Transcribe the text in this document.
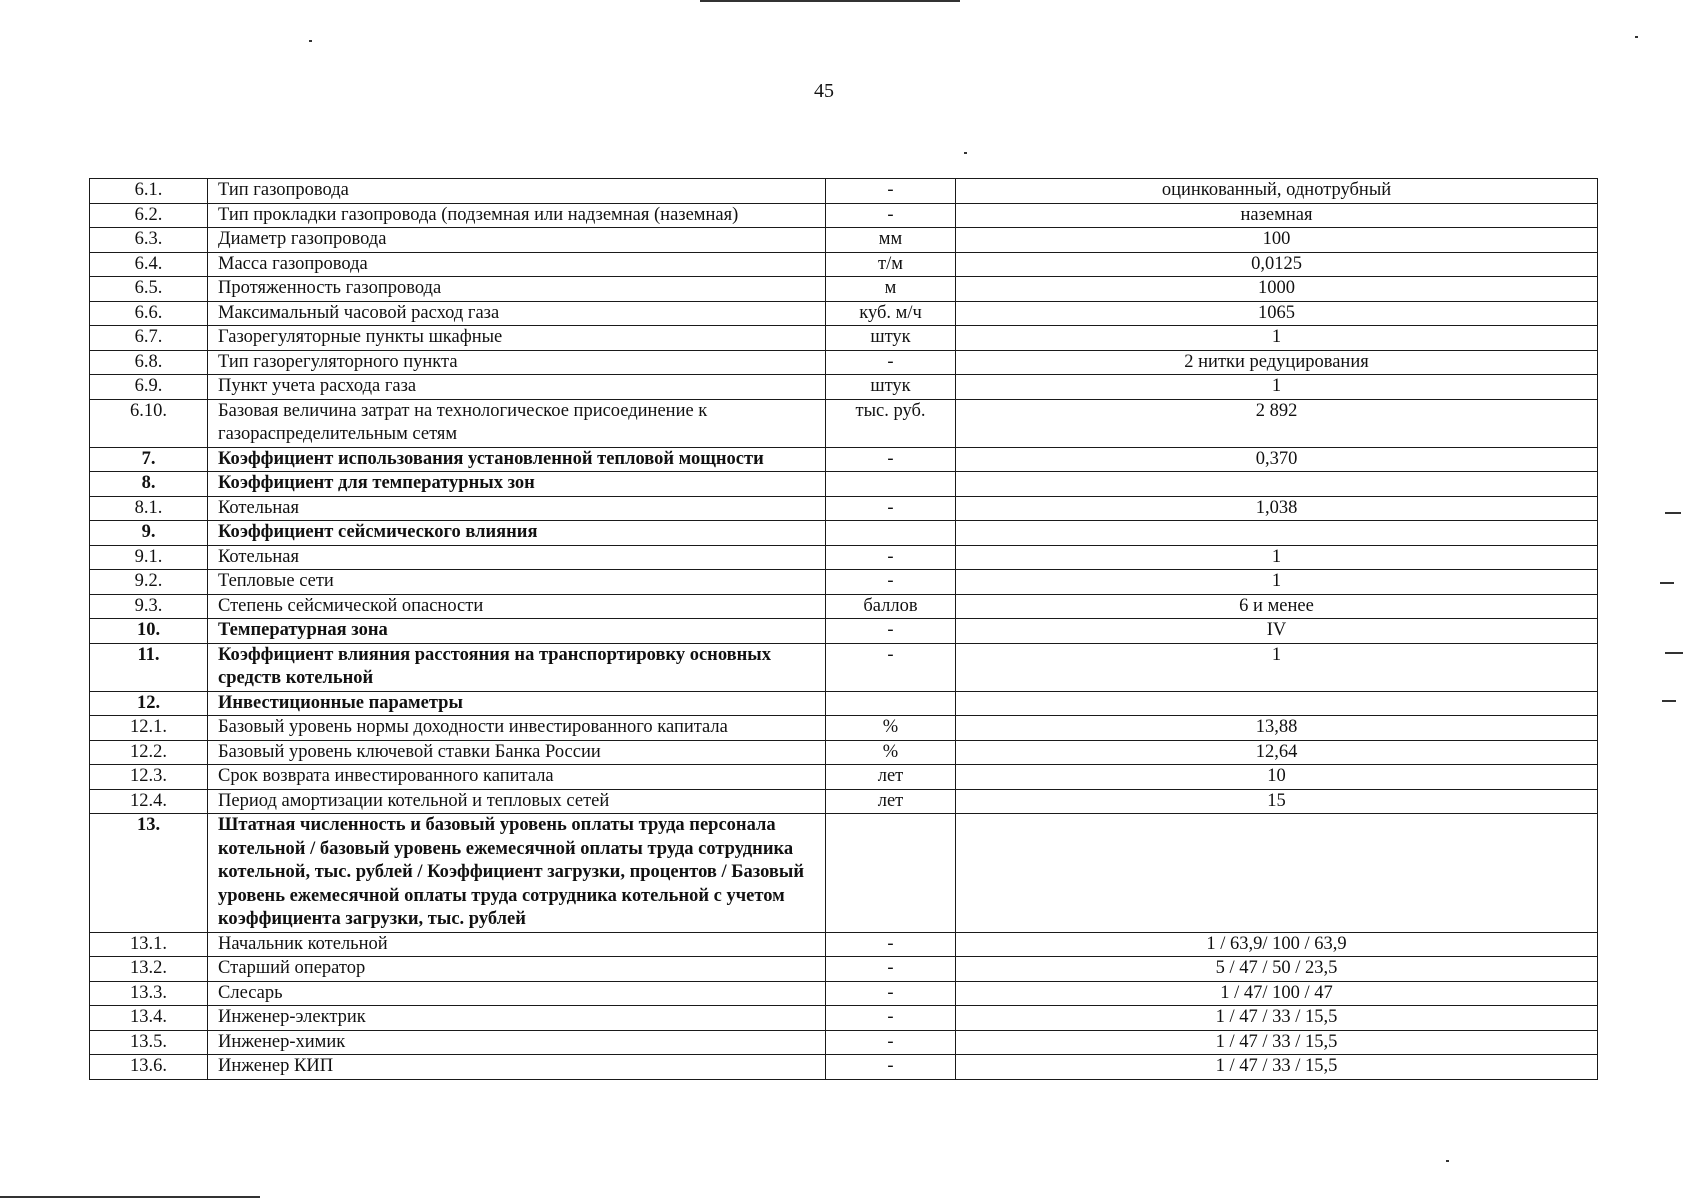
45
6.1.	Тип газопровода	-	оцинкованный, однотрубный
6.2.	Тип прокладки газопровода (подземная или надземная (наземная)	-	наземная
6.3.	Диаметр газопровода	мм	100
6.4.	Масса газопровода	т/м	0,0125
6.5.	Протяженность газопровода	м	1000
6.6.	Максимальный часовой расход газа	куб. м/ч	1065
6.7.	Газорегуляторные пункты шкафные	штук	1
6.8.	Тип газорегуляторного пункта	-	2 нитки редуцирования
6.9.	Пункт учета расхода газа	штук	1
6.10.	Базовая величина затрат на технологическое присоединение к газораспределительным сетям	тыс. руб.	2 892
7.	Коэффициент использования установленной тепловой мощности	-	0,370
8.	Коэффициент для температурных зон		
8.1.	Котельная	-	1,038
9.	Коэффициент сейсмического влияния		
9.1.	Котельная	-	1
9.2.	Тепловые сети	-	1
9.3.	Степень сейсмической опасности	баллов	6 и менее
10.	Температурная зона	-	IV
11.	Коэффициент влияния расстояния на транспортировку основных средств котельной	-	1
12.	Инвестиционные параметры		
12.1.	Базовый уровень нормы доходности инвестированного капитала	%	13,88
12.2.	Базовый уровень ключевой ставки Банка России	%	12,64
12.3.	Срок возврата инвестированного капитала	лет	10
12.4.	Период амортизации котельной и тепловых сетей	лет	15
13.	Штатная численность и базовый уровень оплаты труда персонала котельной / базовый уровень ежемесячной оплаты труда сотрудника котельной, тыс. рублей / Коэффициент загрузки, процентов / Базовый уровень ежемесячной оплаты труда сотрудника котельной с учетом коэффициента загрузки, тыс. рублей		
13.1.	Начальник котельной	-	1 / 63,9/ 100 / 63,9
13.2.	Старший оператор	-	5 / 47 / 50 / 23,5
13.3.	Слесарь	-	1 / 47/ 100 / 47
13.4.	Инженер-электрик	-	1 / 47 / 33 / 15,5
13.5.	Инженер-химик	-	1 / 47 / 33 / 15,5
13.6.	Инженер КИП	-	1 / 47 / 33 / 15,5
